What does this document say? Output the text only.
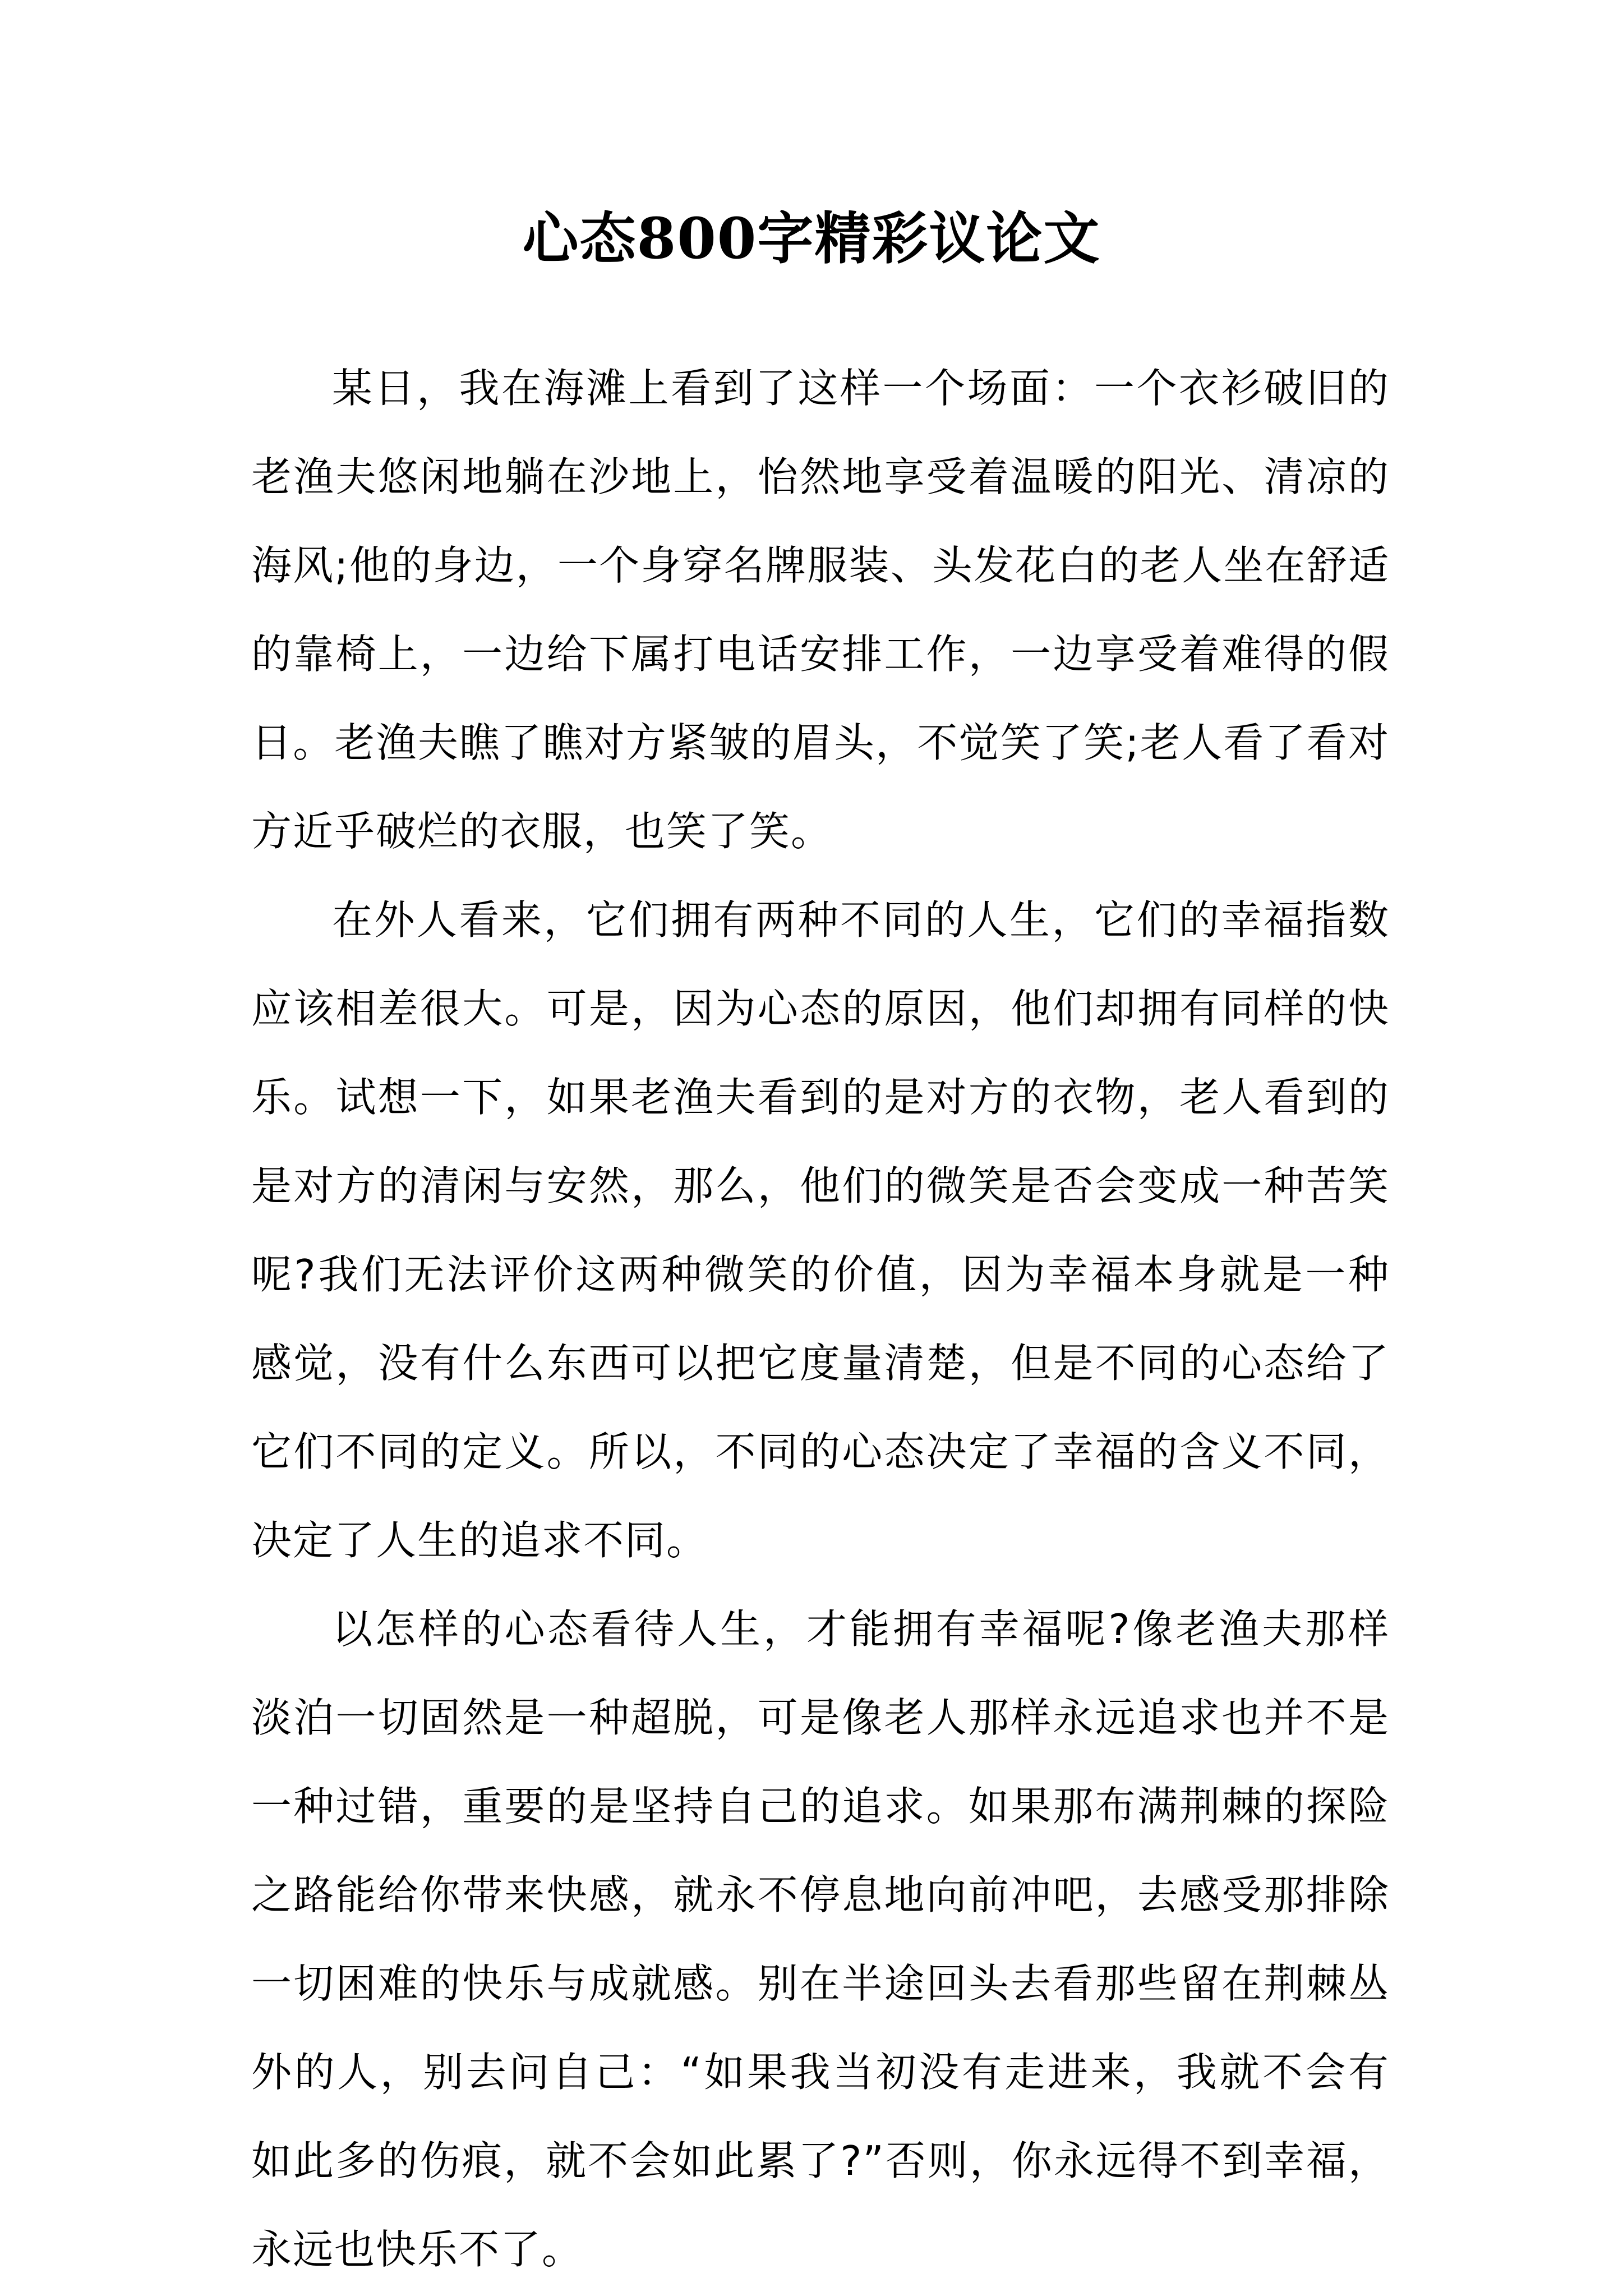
心态800字精彩议论文

某日，我在海滩上看到了这样一个场面：一个衣衫破旧的老渔夫悠闲地躺在沙地上，怡然地享受着温暖的阳光、清凉的海风;他的身边，一个身穿名牌服装、头发花白的老人坐在舒适的靠椅上，一边给下属打电话安排工作，一边享受着难得的假日。老渔夫瞧了瞧对方紧皱的眉头，不觉笑了笑;老人看了看对方近乎破烂的衣服，也笑了笑。

在外人看来，它们拥有两种不同的人生，它们的幸福指数应该相差很大。可是，因为心态的原因，他们却拥有同样的快乐。试想一下，如果老渔夫看到的是对方的衣物，老人看到的是对方的清闲与安然，那么，他们的微笑是否会变成一种苦笑呢?我们无法评价这两种微笑的价值，因为幸福本身就是一种感觉，没有什么东西可以把它度量清楚，但是不同的心态给了它们不同的定义。所以，不同的心态决定了幸福的含义不同，决定了人生的追求不同。

以怎样的心态看待人生，才能拥有幸福呢?像老渔夫那样淡泊一切固然是一种超脱，可是像老人那样永远追求也并不是一种过错，重要的是坚持自己的追求。如果那布满荆棘的探险之路能给你带来快感，就永不停息地向前冲吧，去感受那排除一切困难的快乐与成就感。别在半途回头去看那些留在荆棘丛外的人，别去问自己：“如果我当初没有走进来，我就不会有如此多的伤痕，就不会如此累了?”否则，你永远得不到幸福，永远也快乐不了。
